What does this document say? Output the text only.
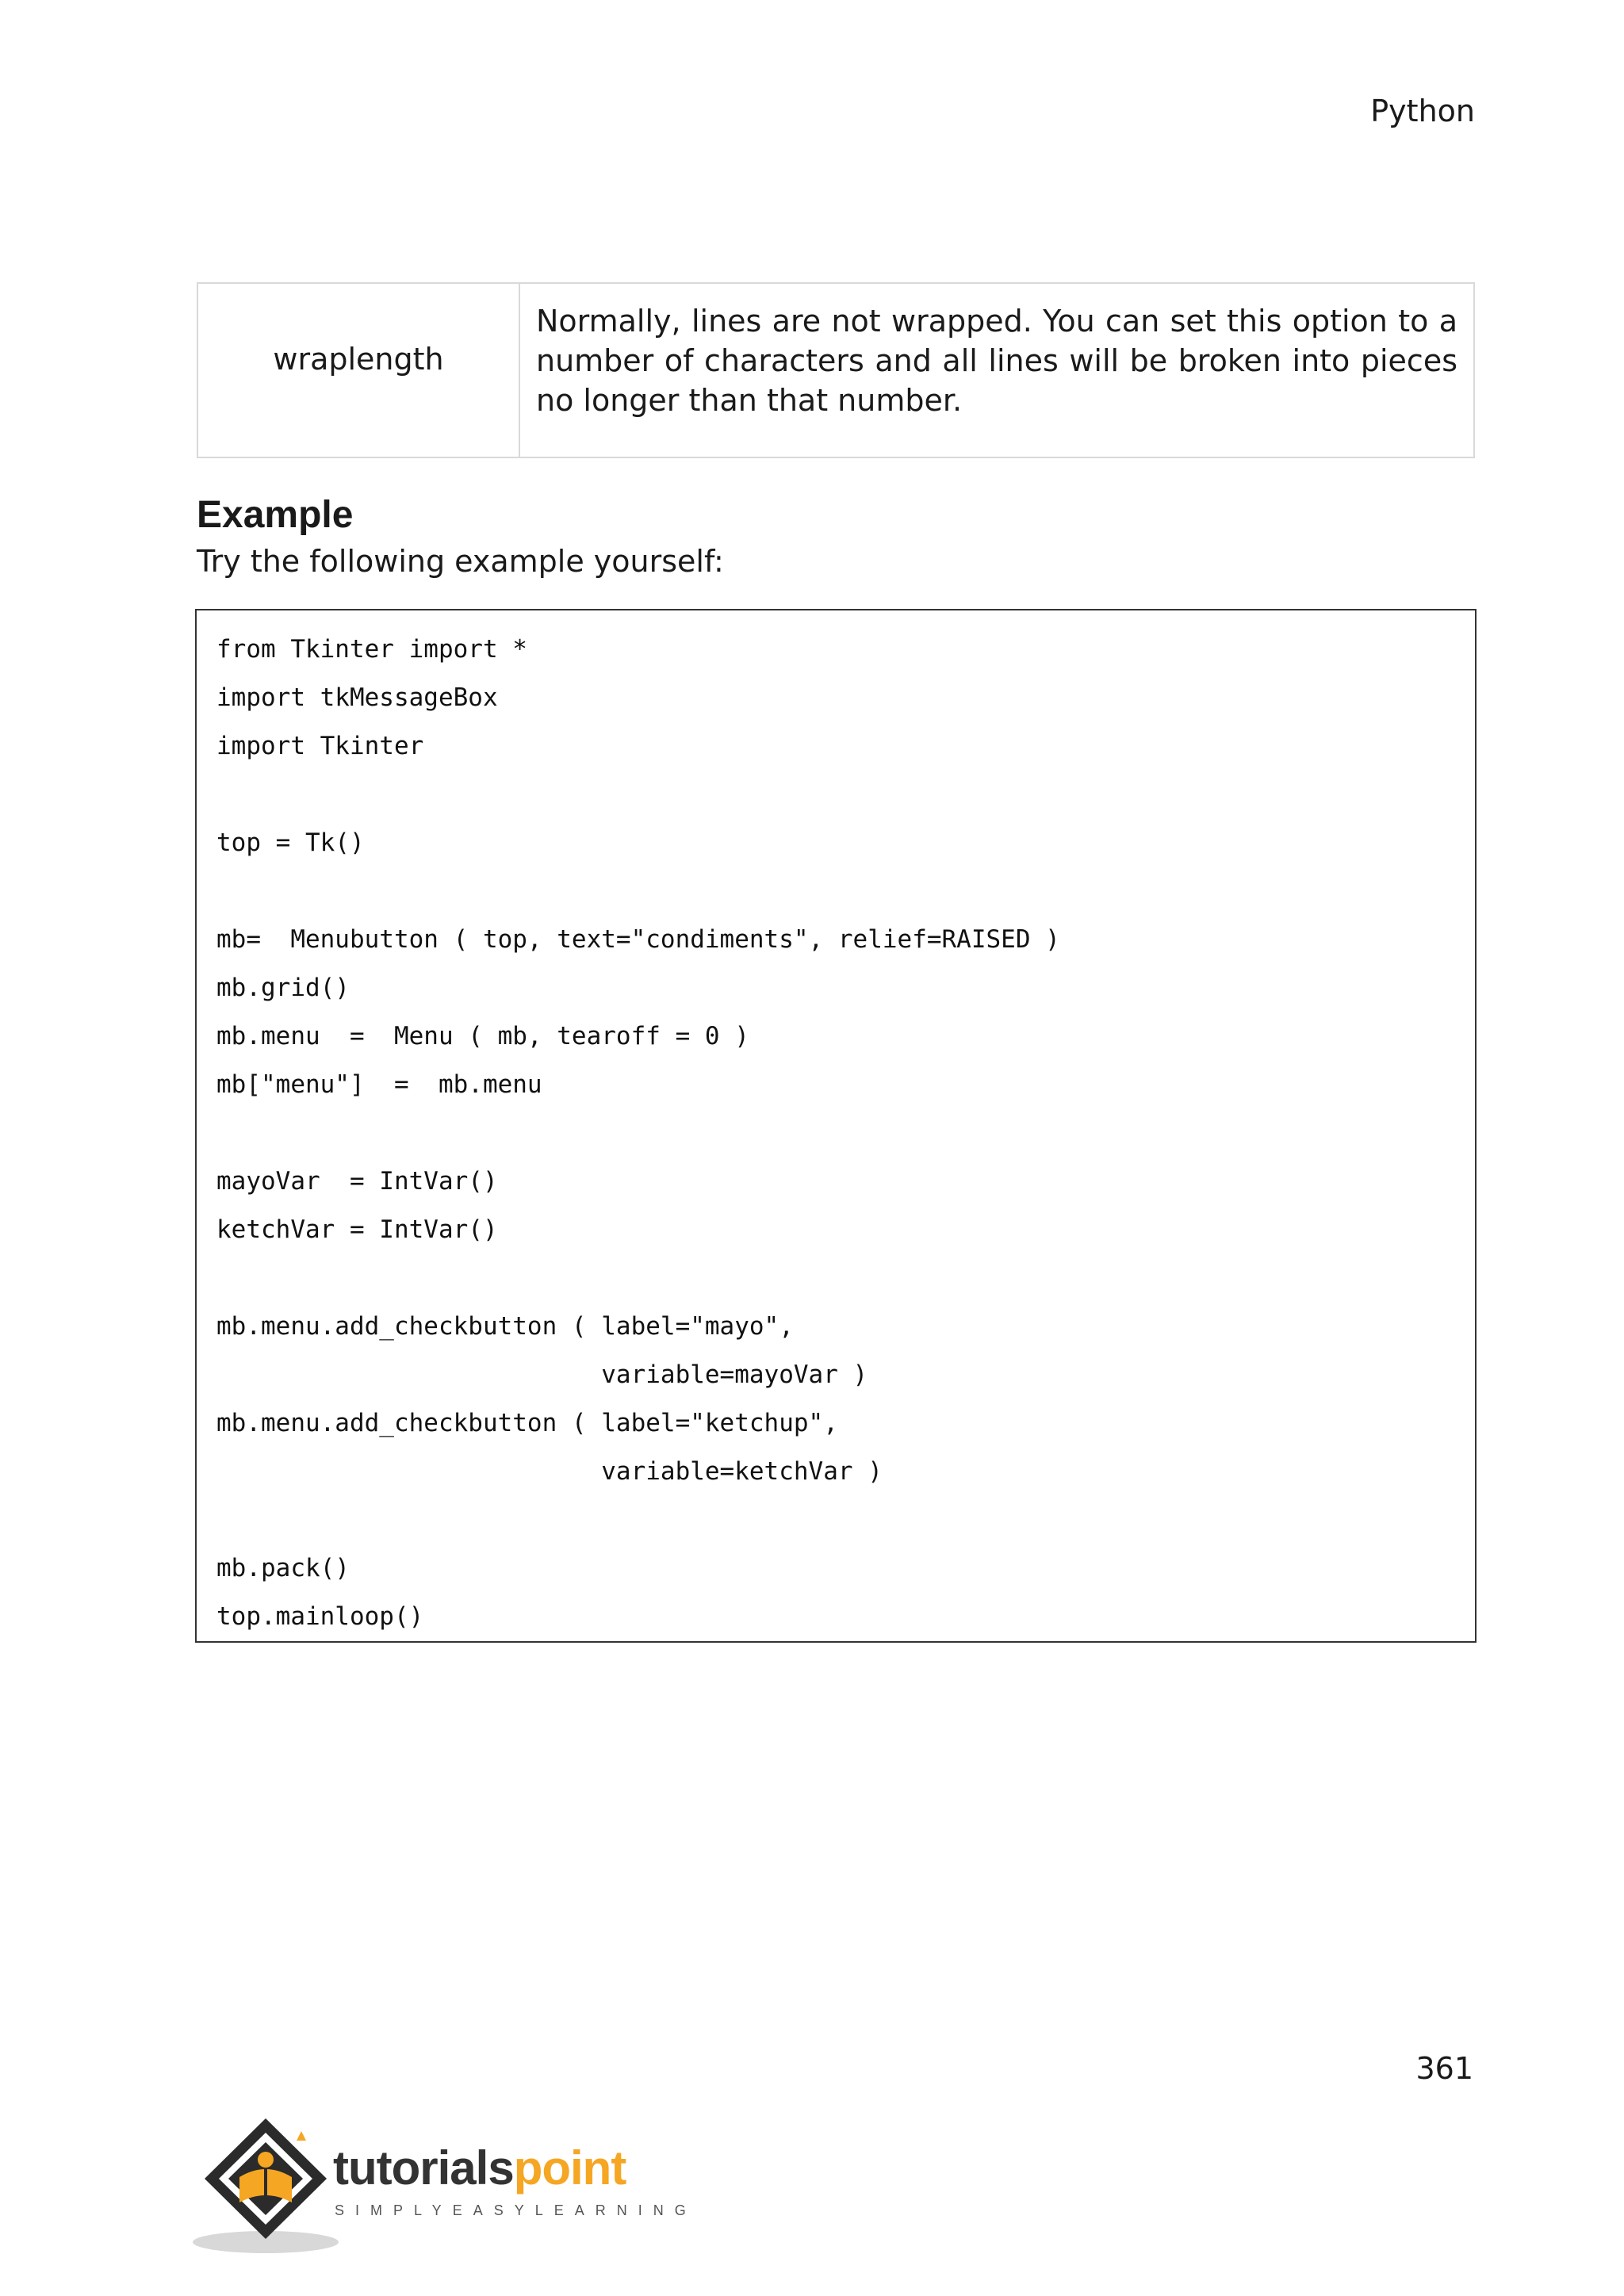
Python
wraplength
Normally, lines are not wrapped. You can set this option to a number of characters and all lines will be broken into pieces no longer than that number.
Example
Try the following example yourself:
from Tkinter import *
import tkMessageBox
import Tkinter
top = Tk()
mb=  Menubutton ( top, text="condiments", relief=RAISED )
mb.grid()
mb.menu  =  Menu ( mb, tearoff = 0 )
mb["menu"]  =  mb.menu
mayoVar  = IntVar()
ketchVar = IntVar()
mb.menu.add_checkbutton ( label="mayo",
variable=mayoVar )
mb.menu.add_checkbutton ( label="ketchup",
variable=ketchVar )
mb.pack()
top.mainloop()
361
tutorialspoint
SIMPLYEASYLEARNING
